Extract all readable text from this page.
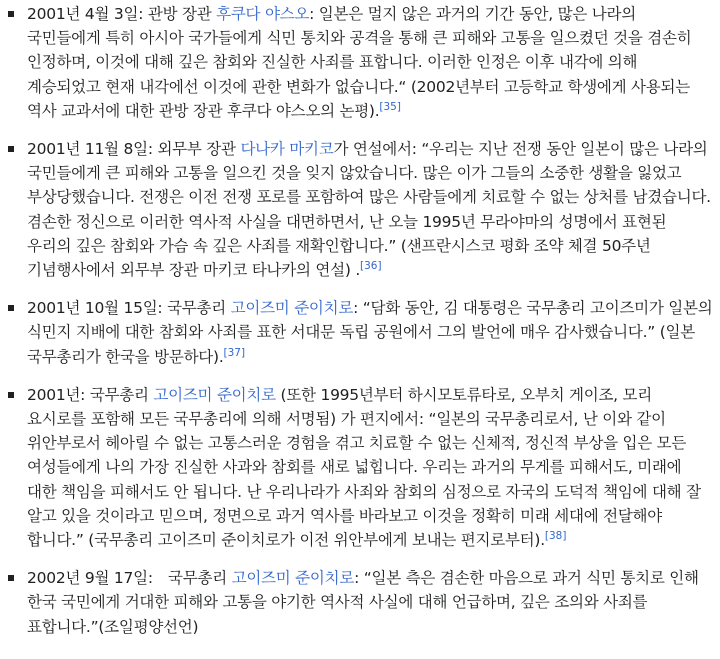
2001년 4월 3일: 관방 장관 후쿠다 야스오: 일본은 멀지 않은 과거의 기간 동안, 많은 나라의 국민들에게 특히 아시아 국가들에게 식민 통치와 공격을 통해 큰 피해와 고통을 일으켰던 것을 겸손히 인정하며, 이것에 대해 깊은 참회와 진실한 사죄를 표합니다. 이러한 인정은 이후 내각에 의해 계승되었고 현재 내각에선 이것에 관한 변화가 없습니다.“ (2002년부터 고등학교 학생에게 사용되는 역사 교과서에 대한 관방 장관 후쿠다 야스오의 논평).[35]
2001년 11월 8일: 외무부 장관 다나카 마키코가 연설에서: “우리는 지난 전쟁 동안 일본이 많은 나라의 국민들에게 큰 피해와 고통을 일으킨 것을 잊지 않았습니다. 많은 이가 그들의 소중한 생활을 잃었고 부상당했습니다. 전쟁은 이전 전쟁 포로를 포함하여 많은 사람들에게 치료할 수 없는 상처를 남겼습니다. 겸손한 정신으로 이러한 역사적 사실을 대면하면서, 난 오늘 1995년 무라야마의 성명에서 표현된 우리의 깊은 참회와 가슴 속 깊은 사죄를 재확인합니다.” (샌프란시스코 평화 조약 체결 50주년 기념행사에서 외무부 장관 마키코 타나카의 연설) .[36]
2001년 10월 15일: 국무총리 고이즈미 준이치로: “담화 동안, 김 대통령은 국무총리 고이즈미가 일본의 식민지 지배에 대한 참회와 사죄를 표한 서대문 독립 공원에서 그의 발언에 매우 감사했습니다.” (일본 국무총리가 한국을 방문하다).[37]
2001년: 국무총리 고이즈미 준이치로 (또한 1995년부터 하시모토류타로, 오부치 게이조, 모리 요시로를 포함해 모든 국무총리에 의해 서명됨) 가 편지에서: “일본의 국무총리로서, 난 이와 같이 위안부로서 헤아릴 수 없는 고통스러운 경험을 겪고 치료할 수 없는 신체적, 정신적 부상을 입은 모든 여성들에게 나의 가장 진실한 사과와 참회를 새로 넓힙니다. 우리는 과거의 무게를 피해서도, 미래에 대한 책임을 피해서도 안 됩니다. 난 우리나라가 사죄와 참회의 심정으로 자국의 도덕적 책임에 대해 잘 알고 있을 것이라고 믿으며, 정면으로 과거 역사를 바라보고 이것을 정확히 미래 세대에 전달해야 합니다.” (국무총리 고이즈미 준이치로가 이전 위안부에게 보내는 편지로부터).[38]
2002년 9월 17일:　국무총리 고이즈미 준이치로: “일본 측은 겸손한 마음으로 과거 식민 통치로 인해 한국 국민에게 거대한 피해와 고통을 야기한 역사적 사실에 대해 언급하며, 깊은 조의와 사죄를 표합니다.”(조일평양선언)
